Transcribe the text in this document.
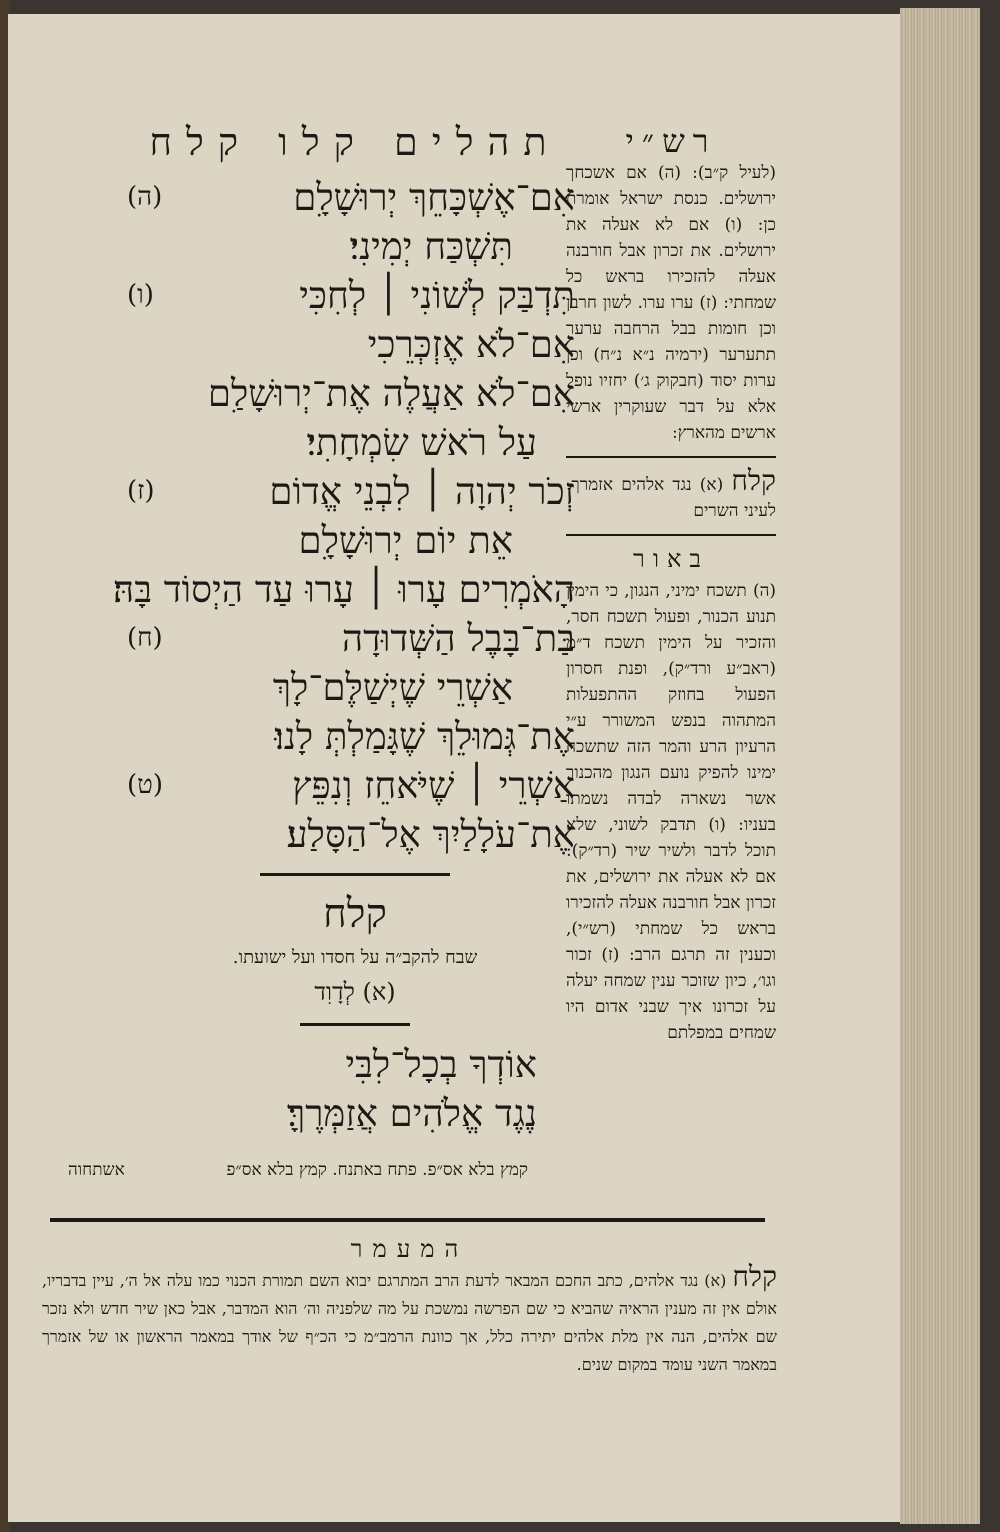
תהלים קלו קלח
אִם־אֶשְׁכָּחֵךְ יְרוּשָׁלָ͏ִם
(ה)
תִּשְׁכַּח יְמִינִי׃
תִּדְבַּק לְשׁוֹנִי ׀ לְחִכִּי
(ו)
אִם־לֹא אֶזְכְּרֵכִי
אִם־לֹא אַעֲלֶה אֶת־יְרוּשָׁלַ͏ִם
עַל רֹאשׁ שִׂמְחָתִי׃
זְכֹר יְהוָה ׀ לִבְנֵי אֱדוֹם
(ז)
אֵת יוֹם יְרוּשָׁלָ͏ִם
הָאֹמְרִים עָרוּ ׀ עָרוּ עַד הַיְסוֹד בָּהּ׃
בַּת־בָּבֶל הַשְּׁדוּדָה
(ח)
אַשְׁרֵי שֶׁיְשַׁלֶּם־לָךְ
אֶת־גְּמוּלֵךְ שֶׁגָּמַלְתְּ לָנוּ׃
אַשְׁרֵי ׀ שֶׁיֹּאחֵז וְנִפֵּץ
(ט)
אֶת־עֹלָלַיִךְ אֶל־הַסָּלַע׃
קלח
שבח להקב״ה על חסדו ועל ישועתו.
(א) לְדָוִד
אוֹדְךָ בְכָל־לִבִּי
נֶגֶד אֱלֹהִים אֲזַמְּרֶךָּ׃
קמץ בלא אס״פ. פתח באתנח. קמץ בלא אס״פ
אשתחוה
רש״י
(לעיל ק״ב): (ה) אם אשכחך ירושלים. כנסת ישראל אומרת כן: (ו) אם לא אעלה את ירושלים. את זכרון אבל חורבנה אעלה להזכירו בראש כל שמחתי: (ז) ערו ערו. לשון חרבן וכן חומות בבל הרחבה ערער תתערער (ירמיה נ״א נ״ח) וכן ערות יסוד (חבקוק ג׳) יחזיו נופל אלא על דבר שעוקרין ארשי ארשים מהארץ:
קלח (א) נגד אלהים אזמרך. לעיני השרים
באור
(ה) תשכח ימיני, הנגון, כי הימין תנוע הכנור, ופעול תשכח חסר, והזכיר על הימין תשכח ד״מ (ראב״ע ורד״ק), ופנת חסרון הפעול בחוזק ההתפעלות המתהוה בנפש המשורר ע״י הרעיון הרע והמר הזה שתשכח ימינו להפיק נועם הנגון מהכנור אשר נשארה לבדה נשמתו בעניו: (ו) תדבק לשוני, שלא תוכל לדבר ולשיר שיר (רד״ק): אם לא אעלה את ירושלים, את זכרון אבל חורבנה אעלה להזכירו בראש כל שמחתי (רש״י), וכענין זה תרגם הרב: (ז) זכור וגו׳, כיון שזוכר ענין שמחה יעלה על זכרונו איך שבני אדום היו שמחים במפלתם
המעמר
קלח (א) נגד אלהים, כתב החכם המבאר לדעת הרב המתרגם יבוא השם תמורת הכנוי כמו עלה אל ה׳, עיין בדבריו, אולם אין זה מענין הראיה שהביא כי שם הפרשה נמשכת על מה שלפניה וה׳ הוא המדבר, אבל כאן שיר חדש ולא נזכר שם אלהים, הנה אין מלת אלהים יתירה כלל, אך כוונת הרמב״מ כי הכ״ף של אודך במאמר הראשון או של אזמרך במאמר השני עומד במקום שנים.
